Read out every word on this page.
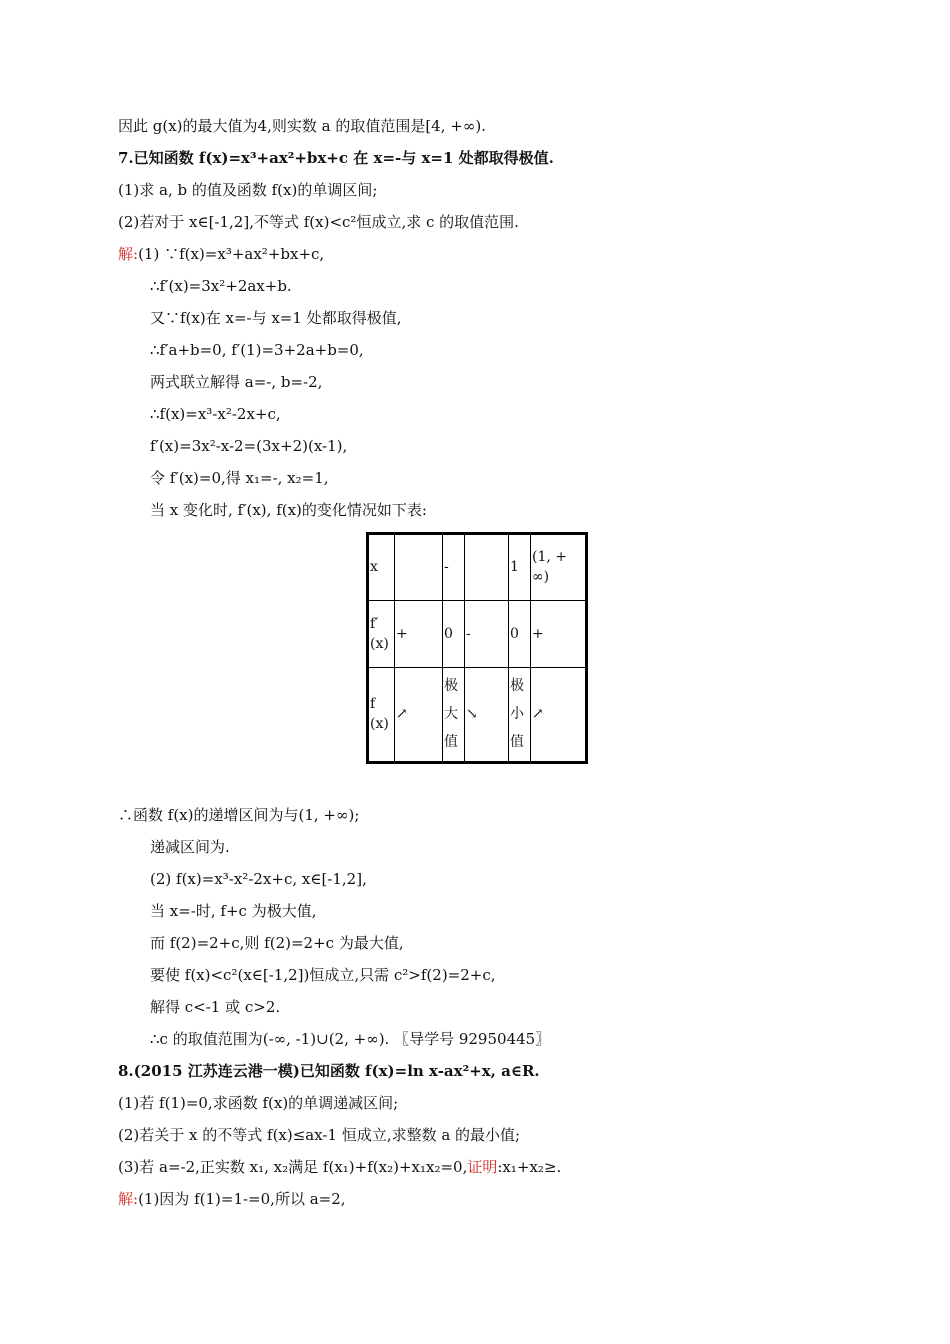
因此 g(x)的最大值为4,则实数 a 的取值范围是[4, +∞).
7.已知函数 f(x)=x³+ax²+bx+c 在 x=-与 x=1 处都取得极值.
(1)求 a, b 的值及函数 f(x)的单调区间;
(2)若对于 x∈[-1,2],不等式 f(x)<c²恒成立,求 c 的取值范围.
解:(1) ∵f(x)=x³+ax²+bx+c,
∴f′(x)=3x²+2ax+b.
又∵f(x)在 x=-与 x=1 处都取得极值,
∴f′a+b=0, f′(1)=3+2a+b=0,
两式联立解得 a=-, b=-2,
∴f(x)=x³-x²-2x+c,
f′(x)=3x²-x-2=(3x+2)(x-1),
令 f′(x)=0,得 x₁=-, x₂=1,
当 x 变化时, f′(x), f(x)的变化情况如下表:
x		-		1	(1, +∞)
f′(x)	+	0	-	0	+
f(x)	↗	极大值	↘	极小值	↗
∴函数 f(x)的递增区间为与(1, +∞);
递减区间为.
(2) f(x)=x³-x²-2x+c, x∈[-1,2],
当 x=-时, f+c 为极大值,
而 f(2)=2+c,则 f(2)=2+c 为最大值,
要使 f(x)<c²(x∈[-1,2])恒成立,只需 c²>f(2)=2+c,
解得 c<-1 或 c>2.
∴c 的取值范围为(-∞, -1)∪(2, +∞). 〖导学号 92950445〗
8.(2015 江苏连云港一模)已知函数 f(x)=ln x-ax²+x, a∈R.
(1)若 f(1)=0,求函数 f(x)的单调递减区间;
(2)若关于 x 的不等式 f(x)≤ax-1 恒成立,求整数 a 的最小值;
(3)若 a=-2,正实数 x₁, x₂满足 f(x₁)+f(x₂)+x₁x₂=0,证明:x₁+x₂≥.
解:(1)因为 f(1)=1-=0,所以 a=2,
